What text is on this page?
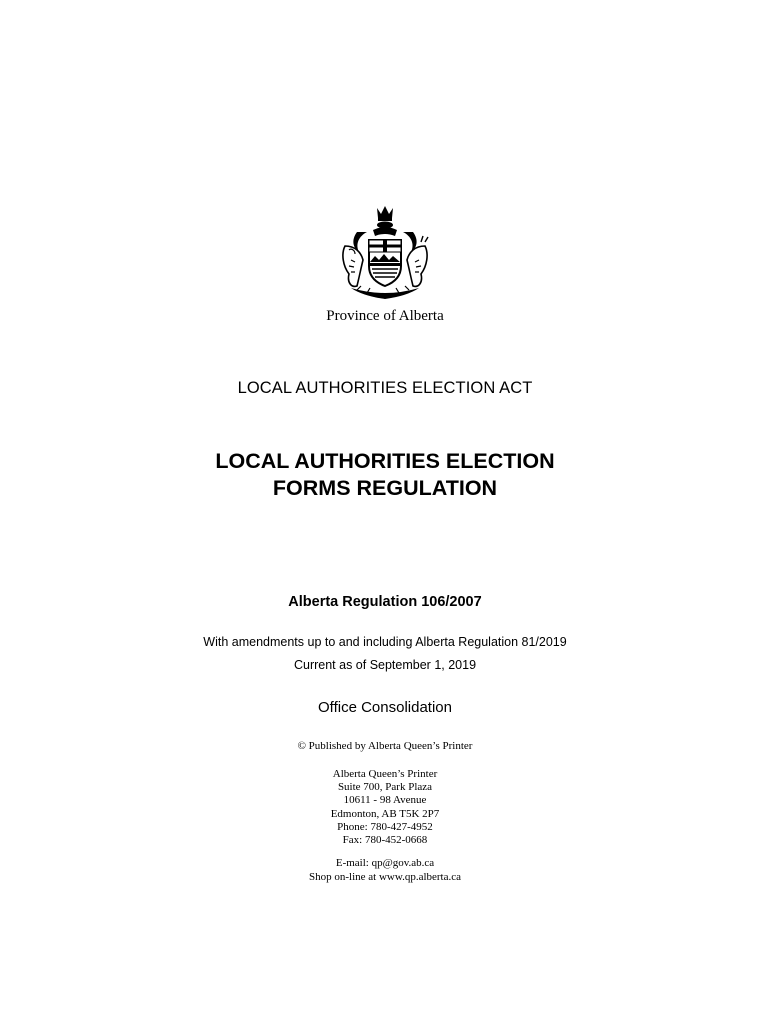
Province of Alberta
LOCAL AUTHORITIES ELECTION ACT
LOCAL AUTHORITIES ELECTION
FORMS REGULATION
Alberta Regulation 106/2007
With amendments up to and including Alberta Regulation 81/2019
Current as of September 1, 2019
Office Consolidation
© Published by Alberta Queen’s Printer
Alberta Queen’s Printer
Suite 700, Park Plaza
10611 - 98 Avenue
Edmonton, AB T5K 2P7
Phone: 780-427-4952
Fax: 780-452-0668
E-mail: qp@gov.ab.ca
Shop on-line at www.qp.alberta.ca
